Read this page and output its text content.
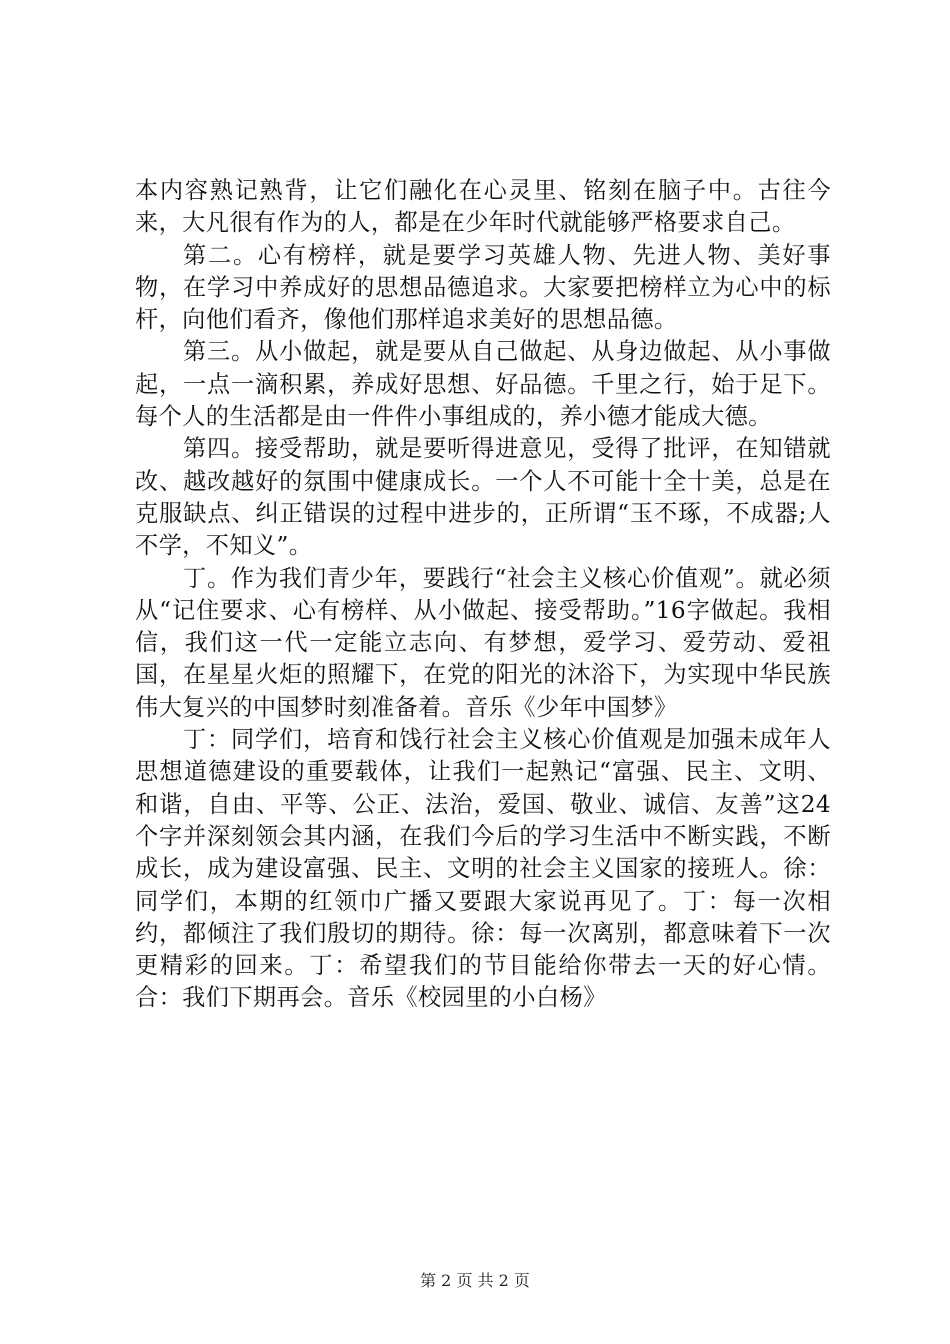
本内容熟记熟背，让它们融化在心灵里、铭刻在脑子中。古往今来，大凡很有作为的人，都是在少年时代就能够严格要求自己。

第二。心有榜样，就是要学习英雄人物、先进人物、美好事物，在学习中养成好的思想品德追求。大家要把榜样立为心中的标杆，向他们看齐，像他们那样追求美好的思想品德。

第三。从小做起，就是要从自己做起、从身边做起、从小事做起，一点一滴积累，养成好思想、好品德。千里之行，始于足下。每个人的生活都是由一件件小事组成的，养小德才能成大德。

第四。接受帮助，就是要听得进意见，受得了批评，在知错就改、越改越好的氛围中健康成长。一个人不可能十全十美，总是在克服缺点、纠正错误的过程中进步的，正所谓“玉不琢，不成器;人不学，不知义”。

丁。作为我们青少年，要践行“社会主义核心价值观”。就必须从“记住要求、心有榜样、从小做起、接受帮助。”16字做起。我相信，我们这一代一定能立志向、有梦想，爱学习、爱劳动、爱祖国，在星星火炬的照耀下，在党的阳光的沐浴下，为实现中华民族伟大复兴的中国梦时刻准备着。音乐《少年中国梦》

丁：同学们，培育和饯行社会主义核心价值观是加强未成年人思想道德建设的重要载体，让我们一起熟记“富强、民主、文明、和谐，自由、平等、公正、法治，爱国、敬业、诚信、友善”这24个字并深刻领会其内涵，在我们今后的学习生活中不断实践，不断成长，成为建设富强、民主、文明的社会主义国家的接班人。徐：同学们，本期的红领巾广播又要跟大家说再见了。丁：每一次相约，都倾注了我们殷切的期待。徐：每一次离别，都意味着下一次更精彩的回来。丁：希望我们的节目能给你带去一天的好心情。合：我们下期再会。音乐《校园里的小白杨》

第 2 页 共 2 页
